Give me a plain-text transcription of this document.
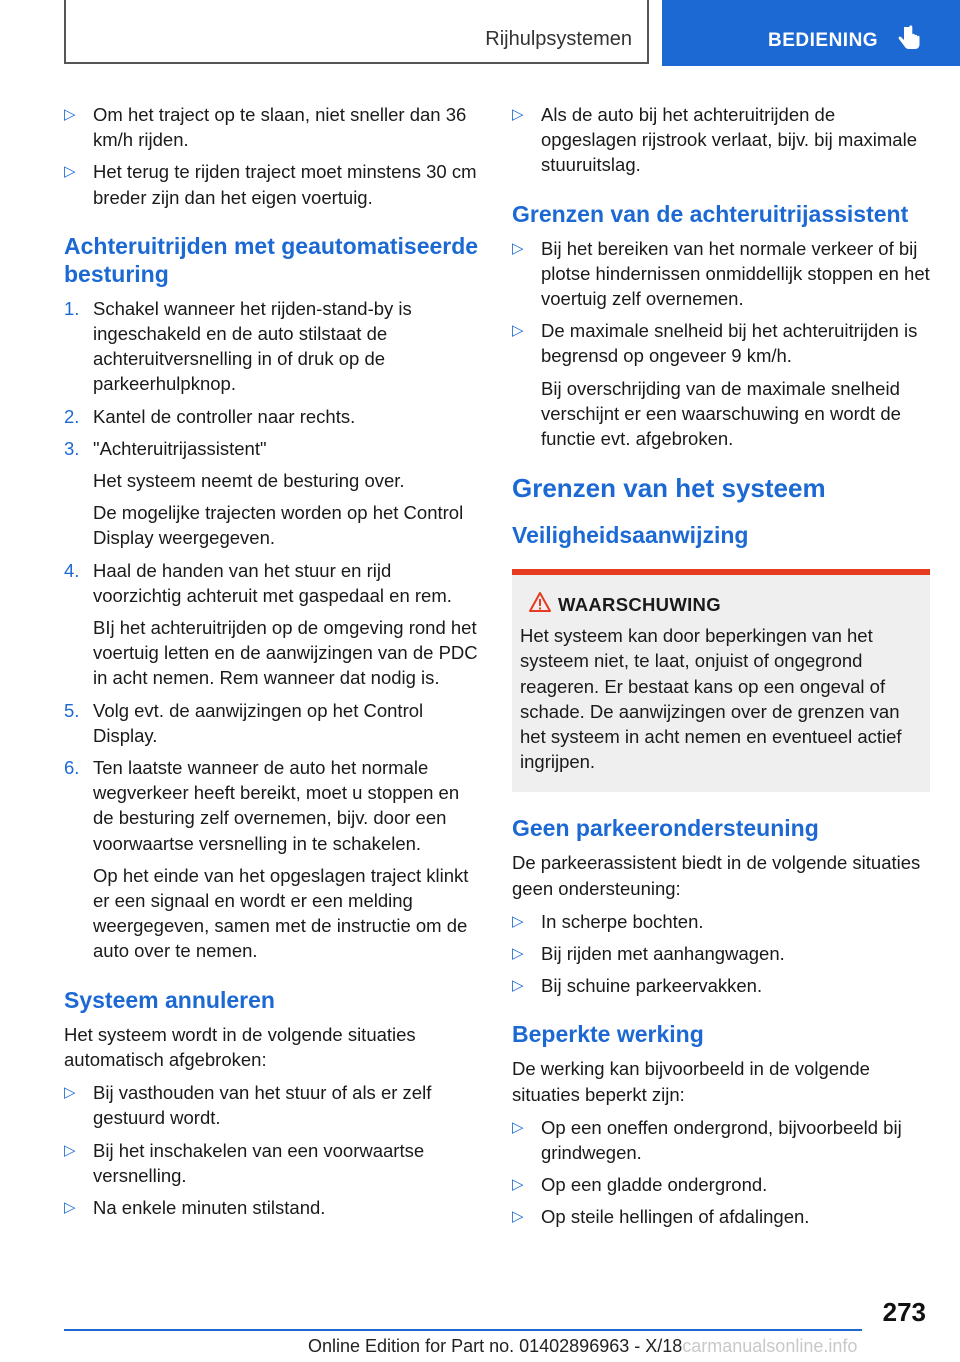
Rijhulpsystemen	BEDIENING
▷ Om het traject op te slaan, niet sneller dan 36 km/h rijden.
▷ Het terug te rijden traject moet minstens 30 cm breder zijn dan het eigen voertuig.
Achteruitrijden met geautomatiseerde besturing
1. Schakel wanneer het rijden-stand-by is ingeschakeld en de auto stilstaat de achteruitversnelling in of druk op de parkeerhulpknop.
2. Kantel de controller naar rechts.
3. "Achteruitrijassistent"
Het systeem neemt de besturing over.
De mogelijke trajecten worden op het Control Display weergegeven.
4. Haal de handen van het stuur en rijd voorzichtig achteruit met gaspedaal en rem.
BIj het achteruitrijden op de omgeving rond het voertuig letten en de aanwijzingen van de PDC in acht nemen. Rem wanneer dat nodig is.
5. Volg evt. de aanwijzingen op het Control Display.
6. Ten laatste wanneer de auto het normale wegverkeer heeft bereikt, moet u stoppen en de besturing zelf overnemen, bijv. door een voorwaartse versnelling in te schakelen.
Op het einde van het opgeslagen traject klinkt er een signaal en wordt er een melding weergegeven, samen met de instructie om de auto over te nemen.
Systeem annuleren
Het systeem wordt in de volgende situaties automatisch afgebroken:
▷ Bij vasthouden van het stuur of als er zelf gestuurd wordt.
▷ Bij het inschakelen van een voorwaartse versnelling.
▷ Na enkele minuten stilstand.
▷ Als de auto bij het achteruitrijden de opgeslagen rijstrook verlaat, bijv. bij maximale stuuruitslag.
Grenzen van de achteruitrijassistent
▷ Bij het bereiken van het normale verkeer of bij plotse hindernissen onmiddellijk stoppen en het voertuig zelf overnemen.
▷ De maximale snelheid bij het achteruitrijden is begrensd op ongeveer 9 km/h.
Bij overschrijding van de maximale snelheid verschijnt er een waarschuwing en wordt de functie evt. afgebroken.
Grenzen van het systeem
Veiligheidsaanwijzing
WAARSCHUWING
Het systeem kan door beperkingen van het systeem niet, te laat, onjuist of ongegrond reageren. Er bestaat kans op een ongeval of schade. De aanwijzingen over de grenzen van het systeem in acht nemen en eventueel actief ingrijpen.
Geen parkeerondersteuning
De parkeerassistent biedt in de volgende situaties geen ondersteuning:
▷ In scherpe bochten.
▷ Bij rijden met aanhangwagen.
▷ Bij schuine parkeervakken.
Beperkte werking
De werking kan bijvoorbeeld in de volgende situaties beperkt zijn:
▷ Op een oneffen ondergrond, bijvoorbeeld bij grindwegen.
▷ Op een gladde ondergrond.
▷ Op steile hellingen of afdalingen.
273
Online Edition for Part no. 01402896963 - X/18carmanualsonline.info
